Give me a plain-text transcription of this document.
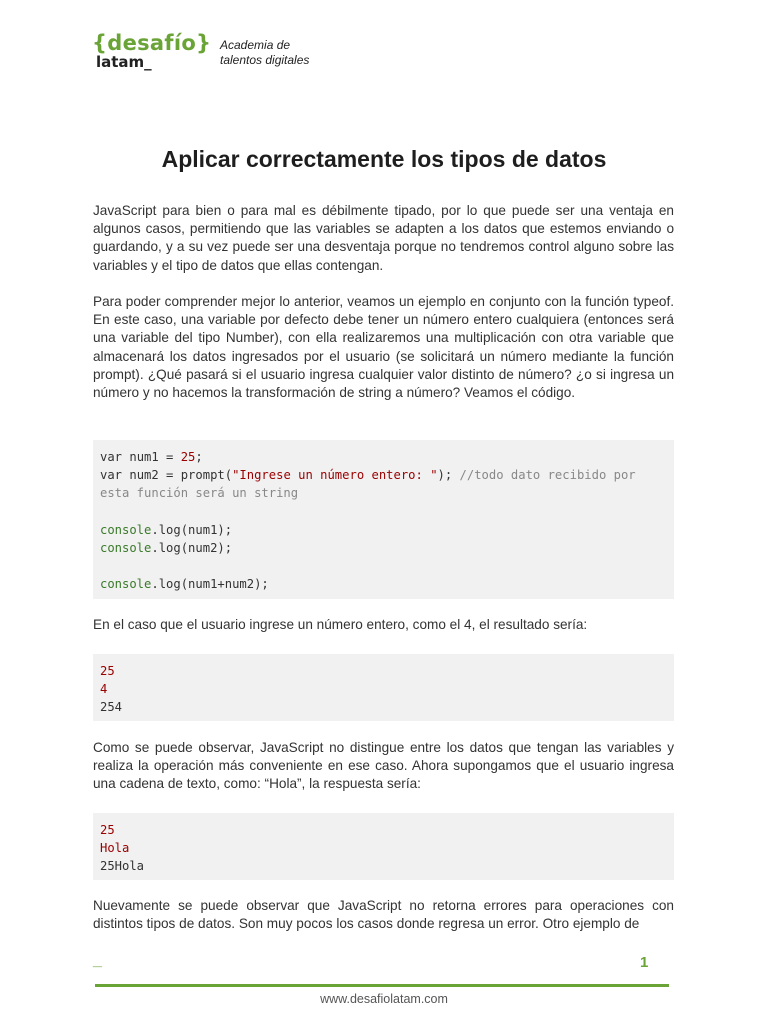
{desafío}
latam_
Academia de
talentos digitales
Aplicar correctamente los tipos de datos

JavaScript para bien o para mal es débilmente tipado, por lo que puede ser una ventaja en algunos casos, permitiendo que las variables se adapten a los datos que estemos enviando o guardando, y a su vez puede ser una desventaja porque no tendremos control alguno sobre las variables y el tipo de datos que ellas contengan.

Para poder comprender mejor lo anterior, veamos un ejemplo en conjunto con la función typeof. En este caso, una variable por defecto debe tener un número entero cualquiera (entonces será una variable del tipo Number), con ella realizaremos una multiplicación con otra variable que almacenará los datos ingresados por el usuario (se solicitará un número mediante la función prompt). ¿Qué pasará si el usuario ingresa cualquier valor distinto de número? ¿o si ingresa un número y no hacemos la transformación de string a número? Veamos el código.

var num1 = 25;
var num2 = prompt("Ingrese un número entero: "); //todo dato recibido por esta función será un string
console.log(num1);
console.log(num2);
console.log(num1+num2);

En el caso que el usuario ingrese un número entero, como el 4, el resultado sería:

25
4
254

Como se puede observar, JavaScript no distingue entre los datos que tengan las variables y realiza la operación más conveniente en ese caso. Ahora supongamos que el usuario ingresa una cadena de texto, como: “Hola”, la respuesta sería:

25
Hola
25Hola

Nuevamente se puede observar que JavaScript no retorna errores para operaciones con distintos tipos de datos. Son muy pocos los casos donde regresa un error. Otro ejemplo de

_	1
www.desafiolatam.com
